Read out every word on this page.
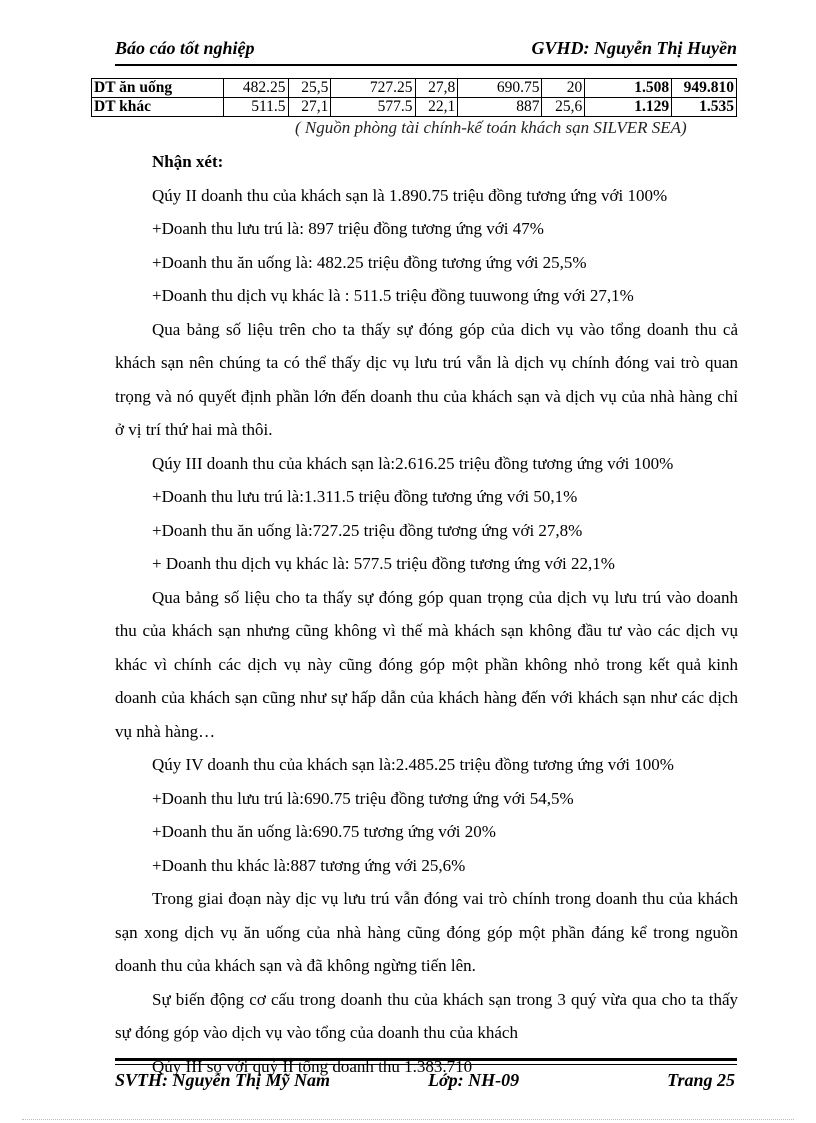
Báo cáo tốt nghiệp	GVHD: Nguyễn Thị Huyền
DT ăn uống	482.25	25,5	727.25	27,8	690.75	20	1.508	949.810
DT khác	511.5	27,1	577.5	22,1	887	25,6	1.129	1.535
( Nguồn phòng tài chính-kế toán khách sạn SILVER SEA)

Nhận xét:

Qúy II doanh thu của khách sạn là 1.890.75 triệu đồng tương ứng với 100%

+Doanh thu lưu trú là: 897 triệu đồng tương ứng với 47%

+Doanh thu ăn uống là: 482.25 triệu đồng tương ứng với 25,5%

+Doanh thu dịch vụ khác là : 511.5 triệu đồng tuuwong ứng với 27,1%

Qua bảng số liệu trên cho ta thấy sự đóng góp của dich vụ vào tổng doanh thu cả khách sạn nên chúng ta có thể thấy dịc vụ lưu trú vẫn là dịch vụ chính đóng vai trò quan trọng và nó quyết định phần lớn đến doanh thu của khách sạn và dịch vụ của nhà hàng chỉ ở vị trí thứ hai mà thôi.

Qúy III doanh thu của khách sạn là:2.616.25 triệu đồng tương ứng với 100%

+Doanh thu lưu trú là:1.311.5 triệu đồng tương ứng với 50,1%

+Doanh thu ăn uống là:727.25 triệu đồng tương ứng với 27,8%

+ Doanh thu dịch vụ khác là: 577.5 triệu đồng tương ứng với 22,1%

Qua bảng số liệu cho ta thấy sự đóng góp quan trọng của dịch vụ lưu trú vào doanh thu của khách sạn nhưng cũng không vì thế mà khách sạn không đầu tư vào các dịch vụ khác vì chính các dịch vụ này cũng đóng góp một phần không nhỏ trong kết quả kinh doanh của khách sạn cũng như sự hấp dẫn của khách hàng đến với khách sạn như các dịch vụ nhà hàng…

Qúy IV doanh thu của khách sạn là:2.485.25 triệu đồng tương ứng với 100%

+Doanh thu lưu trú là:690.75 triệu đồng tương ứng với 54,5%

+Doanh thu ăn uống là:690.75 tương ứng với 20%

+Doanh thu khác là:887 tương ứng với 25,6%

Trong giai đoạn này dịc vụ lưu trú vẫn đóng vai trò chính trong doanh thu của khách sạn xong dịch vụ ăn uống của nhà hàng cũng đóng góp một phần đáng kể trong nguồn doanh thu của khách sạn và đã không ngừng tiến lên.

Sự biến động cơ cấu trong doanh thu của khách sạn trong 3 quý vừa qua cho ta thấy sự đóng góp vào dịch vụ vào tổng của doanh thu của khách

Qúy III so với quý II tổng doanh thu 1.383.710

SVTH: Nguyễn Thị Mỹ Nam	Lớp: NH-09	Trang 25
